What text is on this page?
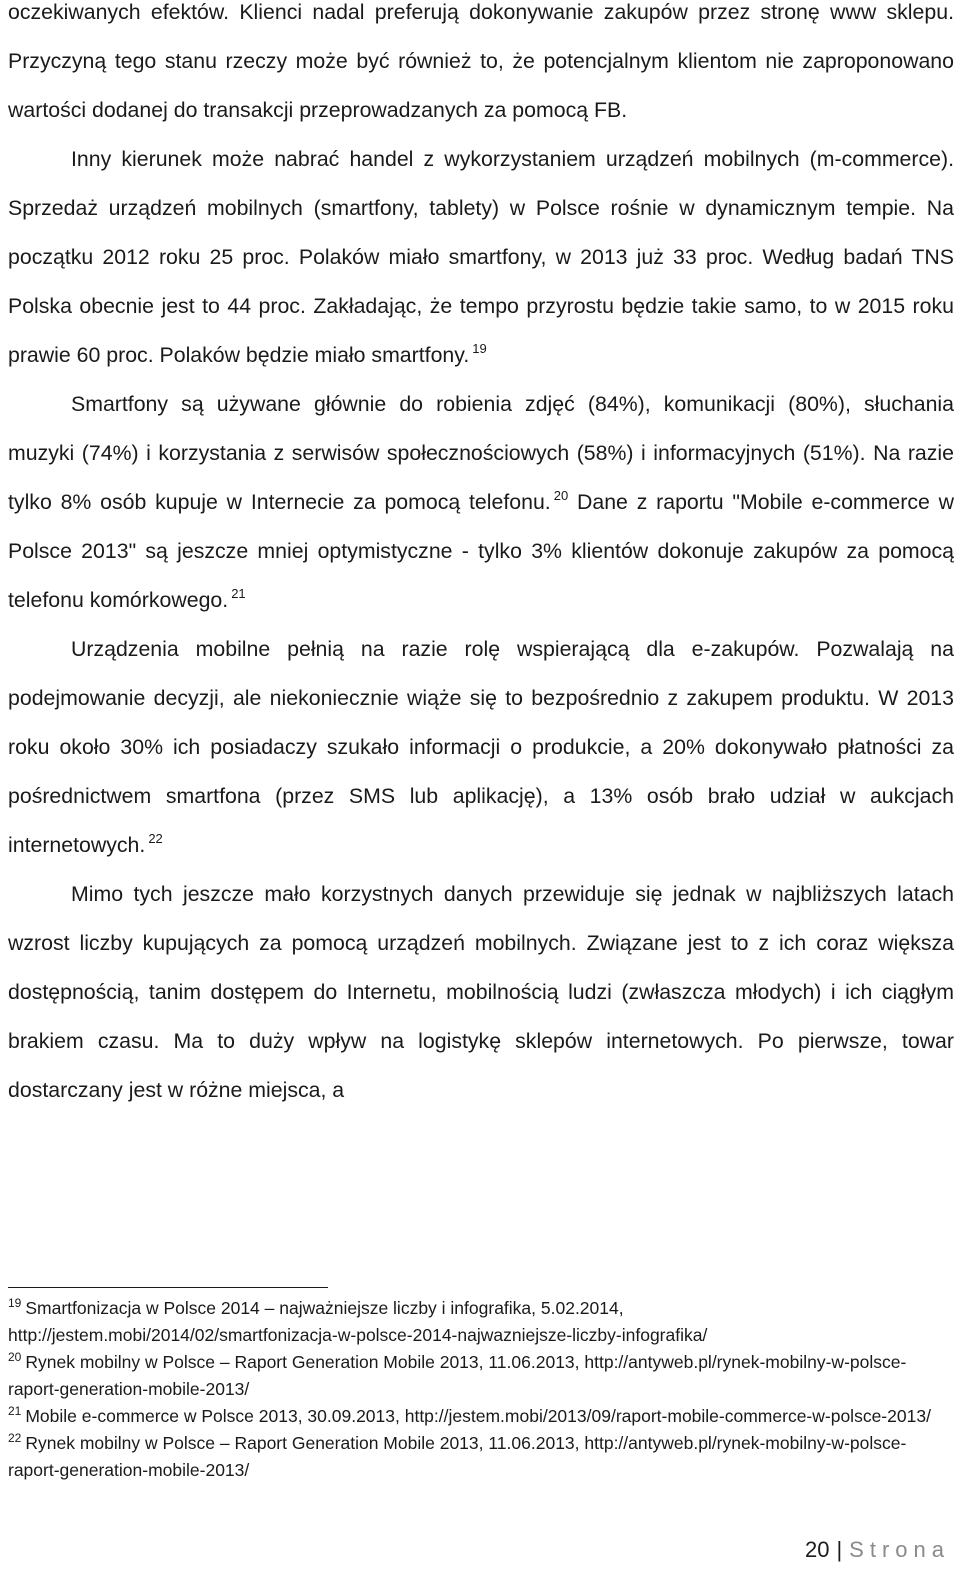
oczekiwanych efektów. Klienci nadal preferują dokonywanie zakupów przez stronę www sklepu. Przyczyną tego stanu rzeczy może być również to, że potencjalnym klientom nie zaproponowano wartości dodanej do transakcji przeprowadzanych za pomocą FB.

Inny kierunek może nabrać handel z wykorzystaniem urządzeń mobilnych (m-commerce). Sprzedaż urządzeń mobilnych (smartfony, tablety) w Polsce rośnie w dynamicznym tempie. Na początku 2012 roku 25 proc. Polaków miało smartfony, w 2013 już 33 proc. Według badań TNS Polska obecnie jest to 44 proc. Zakładając, że tempo przyrostu będzie takie samo, to w 2015 roku prawie 60 proc. Polaków będzie miało smartfony. $^{19}$

Smartfony są używane głównie do robienia zdjęć (84%), komunikacji (80%), słuchania muzyki (74%) i korzystania z serwisów społecznościowych (58%) i informacyjnych (51%). Na razie tylko 8% osób kupuje w Internecie za pomocą telefonu. $^{20}$ Dane z raportu "Mobile e-commerce w Polsce 2013" są jeszcze mniej optymistyczne - tylko 3% klientów dokonuje zakupów za pomocą telefonu komórkowego. $^{21}$

Urządzenia mobilne pełnią na razie rolę wspierającą dla e-zakupów. Pozwalają na podejmowanie decyzji, ale niekoniecznie wiąże się to bezpośrednio z zakupem produktu. W 2013 roku około 30% ich posiadaczy szukało informacji o produkcie, a 20% dokonywało płatności za pośrednictwem smartfona (przez SMS lub aplikację), a 13% osób brało udział w aukcjach internetowych. $^{22}$

Mimo tych jeszcze mało korzystnych danych przewiduje się jednak w najbliższych latach wzrost liczby kupujących za pomocą urządzeń mobilnych. Związane jest to z ich coraz większa dostępnością, tanim dostępem do Internetu, mobilnością ludzi (zwłaszcza młodych) i ich ciągłym brakiem czasu. Ma to duży wpływ na logistykę sklepów internetowych. Po pierwsze, towar dostarczany jest w różne miejsca, a

$^{19}$ Smartfonizacja w Polsce 2014 – najważniejsze liczby i infografika, 5.02.2014, http://jestem.mobi/2014/02/smartfonizacja-w-polsce-2014-najwazniejsze-liczby-infografika/

$^{20}$ Rynek mobilny w Polsce – Raport Generation Mobile 2013, 11.06.2013, http://antyweb.pl/rynek-mobilny-w-polsce-raport-generation-mobile-2013/

$^{21}$ Mobile e-commerce w Polsce 2013, 30.09.2013, http://jestem.mobi/2013/09/raport-mobile-commerce-w-polsce-2013/

$^{22}$ Rynek mobilny w Polsce – Raport Generation Mobile 2013, 11.06.2013, http://antyweb.pl/rynek-mobilny-w-polsce-raport-generation-mobile-2013/

20 | Strona
